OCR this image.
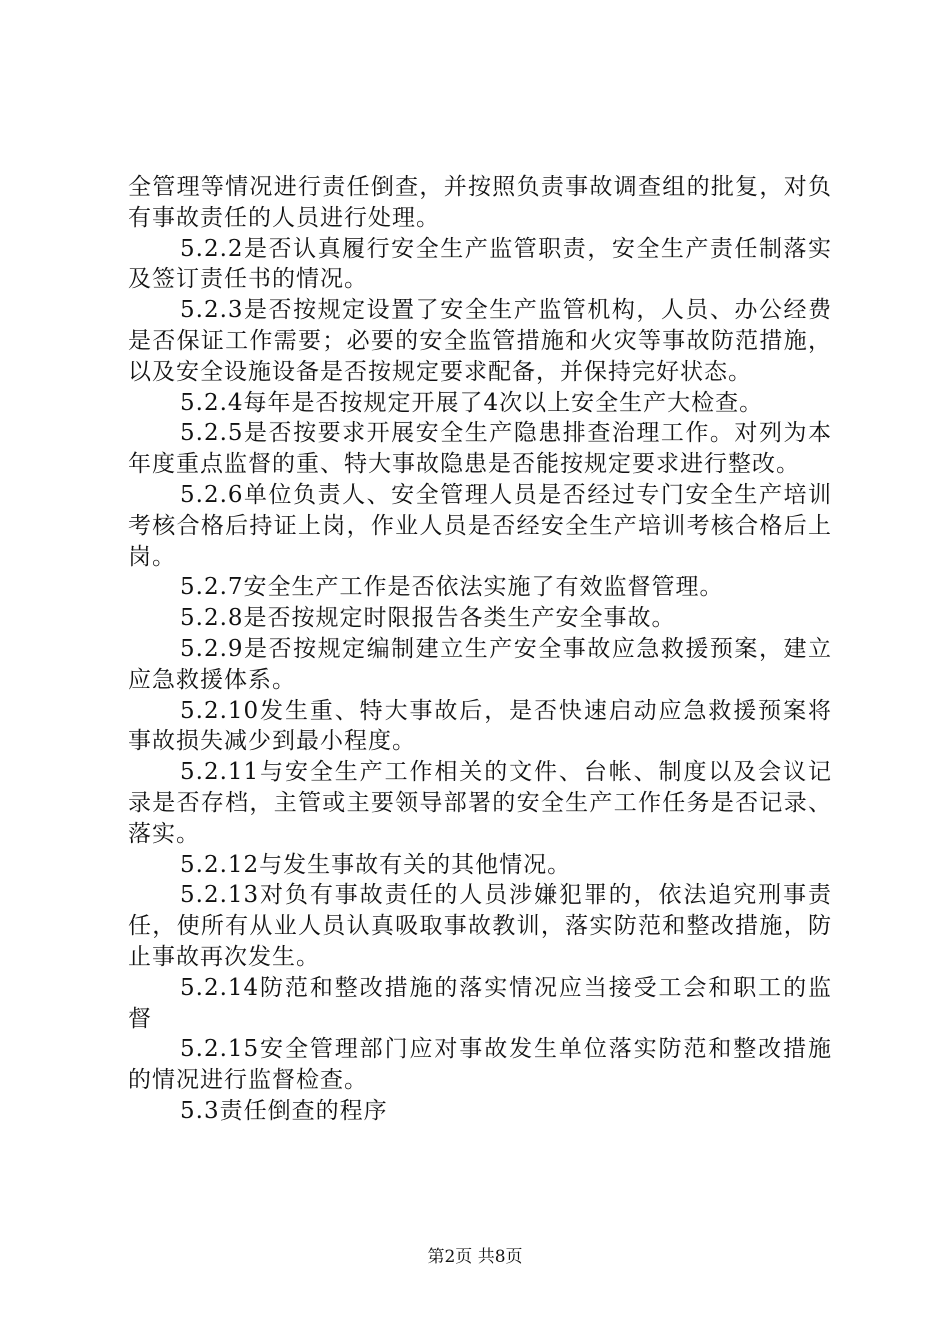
全管理等情况进行责任倒查，并按照负责事故调查组的批复，对负有事故责任的人员进行处理。

5.2.2是否认真履行安全生产监管职责，安全生产责任制落实及签订责任书的情况。

5.2.3是否按规定设置了安全生产监管机构，人员、办公经费是否保证工作需要；必要的安全监管措施和火灾等事故防范措施，以及安全设施设备是否按规定要求配备，并保持完好状态。

5.2.4每年是否按规定开展了4次以上安全生产大检查。

5.2.5是否按要求开展安全生产隐患排查治理工作。对列为本年度重点监督的重、特大事故隐患是否能按规定要求进行整改。

5.2.6单位负责人、安全管理人员是否经过专门安全生产培训考核合格后持证上岗，作业人员是否经安全生产培训考核合格后上岗。

5.2.7安全生产工作是否依法实施了有效监督管理。

5.2.8是否按规定时限报告各类生产安全事故。

5.2.9是否按规定编制建立生产安全事故应急救援预案，建立应急救援体系。

5.2.10发生重、特大事故后，是否快速启动应急救援预案将事故损失减少到最小程度。

5.2.11与安全生产工作相关的文件、台帐、制度以及会议记录是否存档，主管或主要领导部署的安全生产工作任务是否记录、落实。

5.2.12与发生事故有关的其他情况。

5.2.13对负有事故责任的人员涉嫌犯罪的，依法追究刑事责任，使所有从业人员认真吸取事故教训，落实防范和整改措施，防止事故再次发生。

5.2.14防范和整改措施的落实情况应当接受工会和职工的监督

5.2.15安全管理部门应对事故发生单位落实防范和整改措施的情况进行监督检查。

5.3责任倒查的程序

第2页 共8页
